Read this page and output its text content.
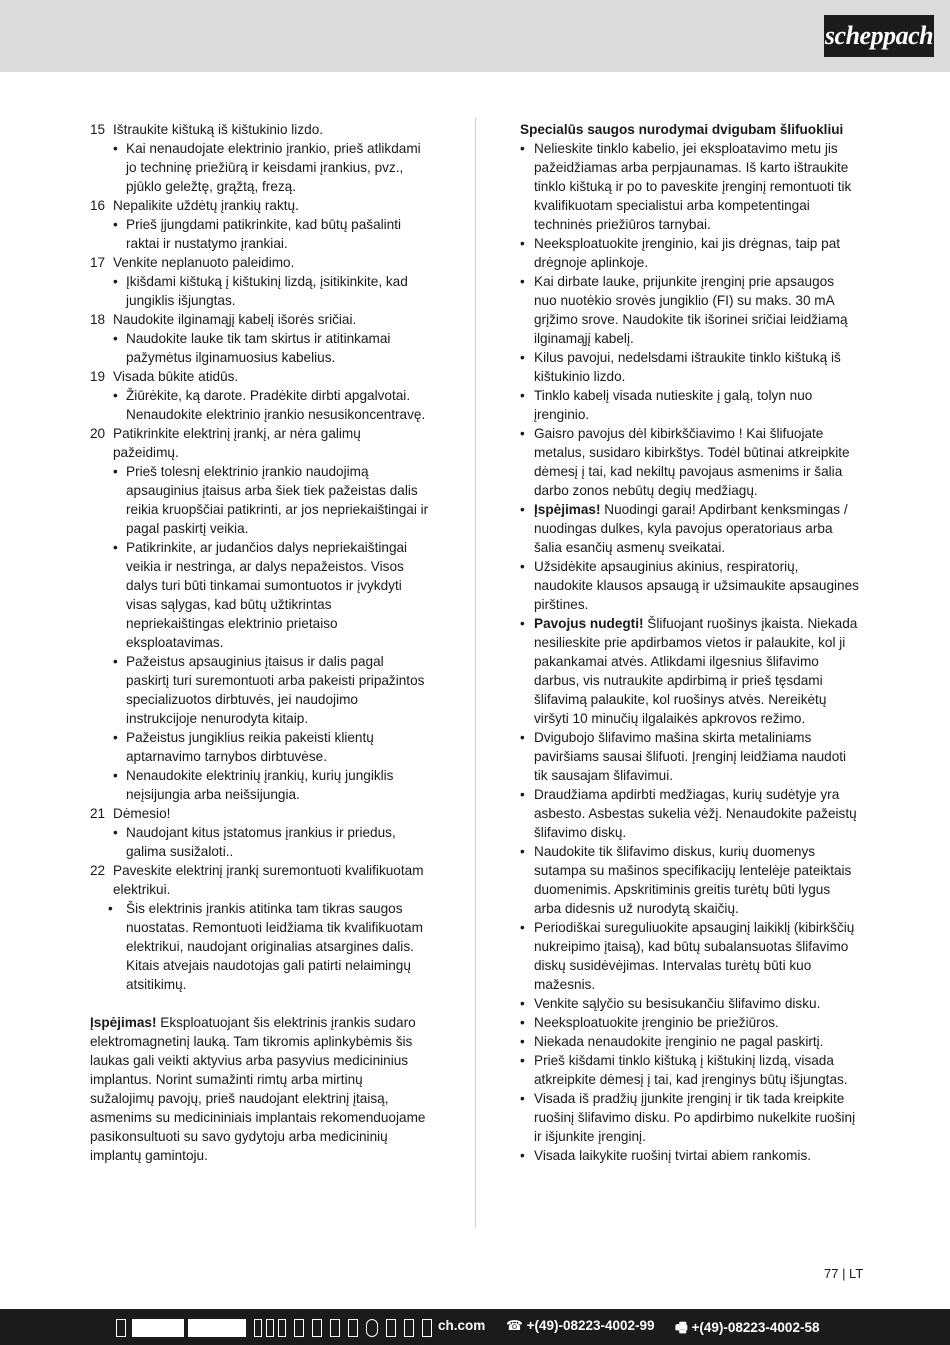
scheppach
15 Ištraukite kištuką iš kištukinio lizdo.
• Kai nenaudojate elektrinio įrankio, prieš atlikdami jo techninę priežiūrą ir keisdami įrankius, pvz., pjūklo geležtę, grąžtą, frezą.
16 Nepalikite uždėtų įrankių raktų.
• Prieš įjungdami patikrinkite, kad būtų pašalinti raktai ir nustatymo įrankiai.
17 Venkite neplanuoto paleidimo.
• Įkišdami kištuką į kištukinį lizdą, įsitikinkite, kad jungiklis išjungtas.
18 Naudokite ilginamąjį kabelį išorės sričiai.
• Naudokite lauke tik tam skirtus ir atitinkamai pažymėtus ilginamuosius kabelius.
19 Visada būkite atidūs.
• Žiūrėkite, ką darote. Pradėkite dirbti apgalvotai. Nenaudokite elektrinio įrankio nesusikoncentravę.
20 Patikrinkite elektrinį įrankį, ar nėra galimų pažeidimų.
• Prieš tolesnį elektrinio įrankio naudojimą apsauginius įtaisus arba šiek tiek pažeistas dalis reikia kruopščiai patikrinti, ar jos nepriekaištingai ir pagal paskirtį veikia.
• Patikrinkite, ar judančios dalys nepriekaištingai veikia ir nestringa, ar dalys nepažeistos. Visos dalys turi būti tinkamai sumontuotos ir įvykdyti visas sąlygas, kad būtų užtikrintas nepriekaištingas elektrinio prietaiso eksploatavimas.
• Pažeistus apsauginius įtaisus ir dalis pagal paskirtį turi suremontuoti arba pakeisti pripažintos specializuotos dirbtuvės, jei naudojimo instrukcijoje nenurodyta kitaip.
• Pažeistus jungiklius reikia pakeisti klientų aptarnavimo tarnybos dirbtuvėse.
• Nenaudokite elektrinių įrankių, kurių jungiklis neįsijungia arba neišsijungia.
21 Dėmesio!
• Naudojant kitus įstatomus įrankius ir priedus, galima susižaloti..
22 Paveskite elektrinį įrankį suremontuoti kvalifikuotam elektrikui.
• Šis elektrinis įrankis atitinka tam tikras saugos nuostatas. Remontuoti leidžiama tik kvalifikuotam elektrikui, naudojant originalias atsargines dalis. Kitais atvejais naudotojas gali patirti nelaimingų atsitikimų.
Įspėjimas! Eksploatuojant šis elektrinis įrankis sudaro elektromagnetinį lauką. Tam tikromis aplinkybėmis šis laukas gali veikti aktyvius arba pasyvius medicininius implantus. Norint sumažinti rimtų arba mirtinų sužalojimų pavojų, prieš naudojant elektrinį įtaisą, asmenims su medicininiais implantais rekomenduojame pasikonsultuoti su savo gydytoju arba medicininių implantų gamintoju.
Specialūs saugos nurodymai dvigubam šlifuokliui
• Nelieskite tinklo kabelio, jei eksploatavimo metu jis pažeidžiamas arba perpjaunamas. Iš karto ištraukite tinklo kištuką ir po to paveskite įrenginį remontuoti tik kvalifikuotam specialistui arba kompetentingai techninės priežiūros tarnybai.
• Neeksploatuokite įrenginio, kai jis drėgnas, taip pat drėgnoje aplinkoje.
• Kai dirbate lauke, prijunkite įrenginį prie apsaugos nuo nuotėkio srovės jungiklio (FI) su maks. 30 mA grįžimo srove. Naudokite tik išorinei sričiai leidžiamą ilginamąjį kabelį.
• Kilus pavojui, nedelsdami ištraukite tinklo kištuką iš kištukinio lizdo.
• Tinklo kabelį visada nutieskite į galą, tolyn nuo įrenginio.
• Gaisro pavojus dėl kibirkščiavimo ! Kai šlifuojate metalus, susidaro kibirkštys. Todėl būtinai atkreipkite dėmesį į tai, kad nekiltų pavojaus asmenims ir šalia darbo zonos nebūtų degių medžiagų.
• Įspėjimas! Nuodingi garai! Apdirbant kenksmingas / nuodingas dulkes, kyla pavojus operatoriaus arba šalia esančių asmenų sveikatai.
• Užsidėkite apsauginius akinius, respiratorių, naudokite klausos apsaugą ir užsimaukite apsaugines pirštines.
• Pavojus nudegti! Šlifuojant ruošinys įkaista. Niekada nesilieskite prie apdirbamos vietos ir palaukite, kol ji pakankamai atvės. Atlikdami ilgesnius šlifavimo darbus, vis nutraukite apdirbimą ir prieš tęsdami šlifavimą palaukite, kol ruošinys atvės. Nereikėtų viršyti 10 minučių ilgalaikės apkrovos režimo.
• Dvigubojo šlifavimo mašina skirta metaliniams paviršiams sausai šlifuoti. Įrenginį leidžiama naudoti tik sausajam šlifavimui.
• Draudžiama apdirbti medžiagas, kurių sudėtyje yra asbesto. Asbestas sukelia vėžį. Nenaudokite pažeistų šlifavimo diskų.
• Naudokite tik šlifavimo diskus, kurių duomenys sutampa su mašinos specifikacijų lentelėje pateiktais duomenimis. Apskritiminis greitis turėtų būti lygus arba didesnis už nurodytą skaičių.
• Periodiškai sureguliuokite apsauginį laikiklį (kibirkščių nukreipimo įtaisą), kad būtų subalansuotas šlifavimo diskų susidėvėjimas. Intervalas turėtų būti kuo mažesnis.
• Venkite sąlyčio su besisukančiu šlifavimo disku.
• Neeksploatuokite įrenginio be priežiūros.
• Niekada nenaudokite įrenginio ne pagal paskirtį.
• Prieš kišdami tinklo kištuką į kištukinį lizdą, visada atkreipkite dėmesį į tai, kad įrenginys būtų išjungtas.
• Visada iš pradžių įjunkite įrenginį ir tik tada kreipkite ruošinį šlifavimo disku. Po apdirbimo nukelkite ruošinį ir išjunkite įrenginį.
• Visada laikykite ruošinį tvirtai abiem rankomis.
77 | LT
ch.com ☎ +(49)-08223-4002-99 🖷 +(49)-08223-4002-58
